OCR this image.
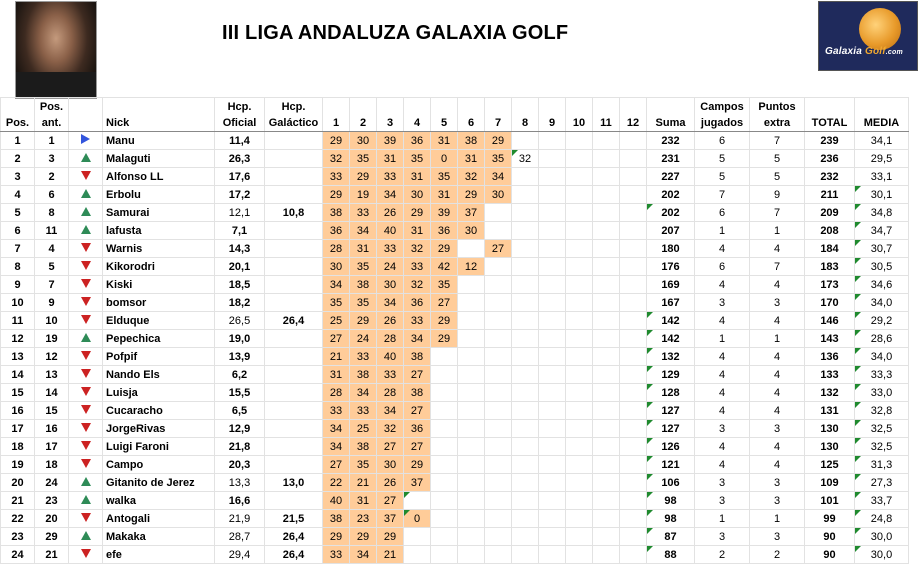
III LIGA ANDALUZA GALAXIA GOLF
Galaxia Golf.com
Pos.	Pos.
ant.		Nick	Hcp.
Oficial	Hcp.
Galáctico	1	2	3	4	5	6	7	8	9	10	11	12	Suma	Campos
jugados	Puntos
extra	TOTAL	MEDIA
1	1		Manu	11,4		29	30	39	36	31	38	29						232	6	7	239	34,1
2	3		Malaguti	26,3		32	35	31	35	0	31	35	32					231	5	5	236	29,5
3	2		Alfonso LL	17,6		33	29	33	31	35	32	34						227	5	5	232	33,1
4	6		Erbolu	17,2		29	19	34	30	31	29	30						202	7	9	211	30,1
5	8		Samurai	12,1	10,8	38	33	26	29	39	37							202	6	7	209	34,8
6	11		lafusta	7,1		36	34	40	31	36	30							207	1	1	208	34,7
7	4		Warnis	14,3		28	31	33	32	29		27						180	4	4	184	30,7
8	5		Kikorodri	20,1		30	35	24	33	42	12							176	6	7	183	30,5
9	7		Kiski	18,5		34	38	30	32	35								169	4	4	173	34,6
10	9		bomsor	18,2		35	35	34	36	27								167	3	3	170	34,0
11	10		Elduque	26,5	26,4	25	29	26	33	29								142	4	4	146	29,2
12	19		Pepechica	19,0		27	24	28	34	29								142	1	1	143	28,6
13	12		Pofpif	13,9		21	33	40	38									132	4	4	136	34,0
14	13		Nando Els	6,2		31	38	33	27									129	4	4	133	33,3
15	14		Luisja	15,5		28	34	28	38									128	4	4	132	33,0
16	15		Cucaracho	6,5		33	33	34	27									127	4	4	131	32,8
17	16		JorgeRivas	12,9		34	25	32	36									127	3	3	130	32,5
18	17		Luigi Faroni	21,8		34	38	27	27									126	4	4	130	32,5
19	18		Campo	20,3		27	35	30	29									121	4	4	125	31,3
20	24		Gitanito de Jerez	13,3	13,0	22	21	26	37									106	3	3	109	27,3
21	23		walka	16,6		40	31	27										98	3	3	101	33,7
22	20		Antogali	21,9	21,5	38	23	37	0									98	1	1	99	24,8
23	29		Makaka	28,7	26,4	29	29	29										87	3	3	90	30,0
24	21		efe	29,4	26,4	33	34	21										88	2	2	90	30,0
